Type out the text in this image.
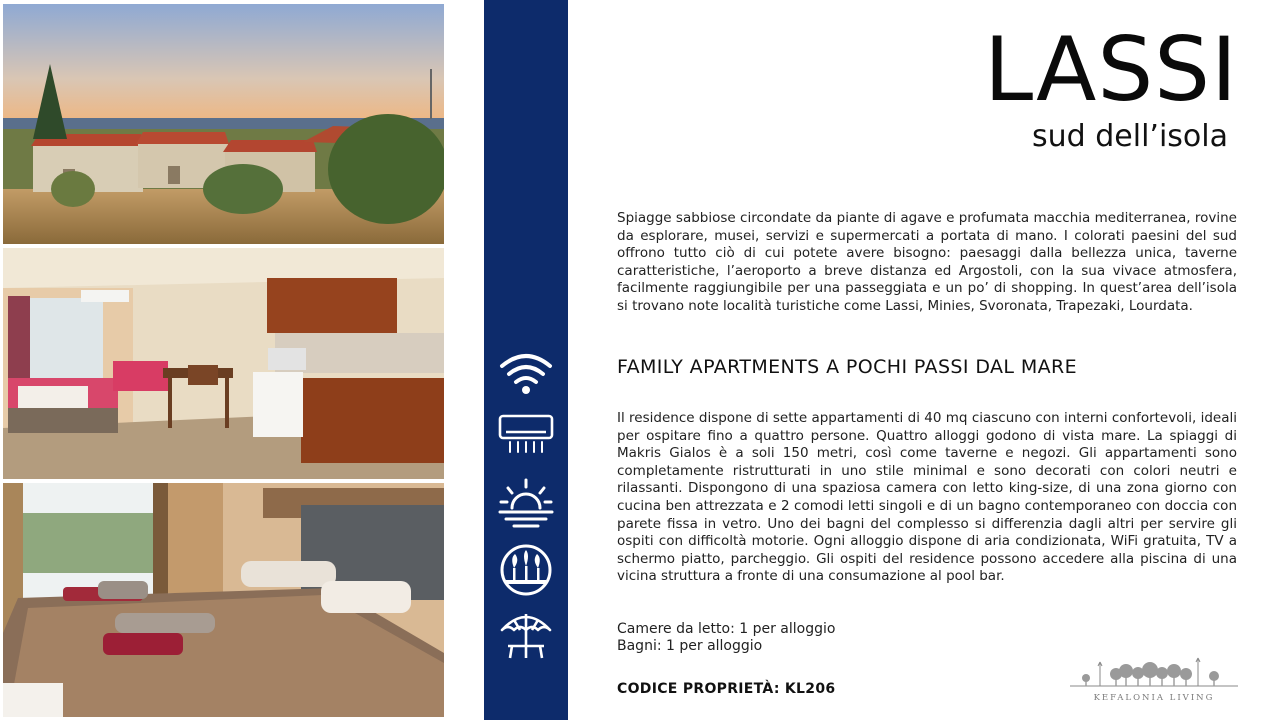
LASSI
sud dell’isola

Spiagge sabbiose circondate da piante di agave e profumata macchia mediterranea, rovine da esplorare, musei, servizi e supermercati a portata di mano. I colorati paesini del sud offrono tutto ciò di cui potete avere bisogno: paesaggi dalla bellezza unica, taverne caratteristiche, l’aeroporto a breve distanza ed Argostoli, con la sua vivace atmosfera, facilmente raggiungibile per una passeggiata e un po’ di shopping. In quest’area dell’isola si trovano note località turistiche come Lassi, Minies, Svoronata, Trapezaki, Lourdata.

FAMILY APARTMENTS A POCHI PASSI DAL MARE

Il residence dispone di sette appartamenti di 40 mq ciascuno con interni confortevoli, ideali per ospitare fino a quattro persone. Quattro alloggi godono di vista mare. La spiaggi di Makris Gialos è a soli 150 metri, così come taverne e negozi. Gli appartamenti sono completamente ristrutturati in uno stile minimal e sono decorati con colori neutri e rilassanti. Dispongono di una spaziosa camera con letto king-size, di una zona giorno con cucina ben attrezzata e 2 comodi letti singoli e di un bagno contemporaneo con doccia con parete fissa in vetro. Uno dei bagni del complesso si differenzia dagli altri per servire gli ospiti con difficoltà motorie. Ogni alloggio dispone di aria condizionata, WiFi gratuita, TV a schermo piatto, parcheggio. Gli ospiti del residence possono accedere alla piscina di una vicina struttura a fronte di una consumazione al pool bar.

Camere da letto: 1 per alloggio

Bagni: 1 per alloggio

CODICE PROPRIETÀ: KL206
KEFALONIA LIVING
